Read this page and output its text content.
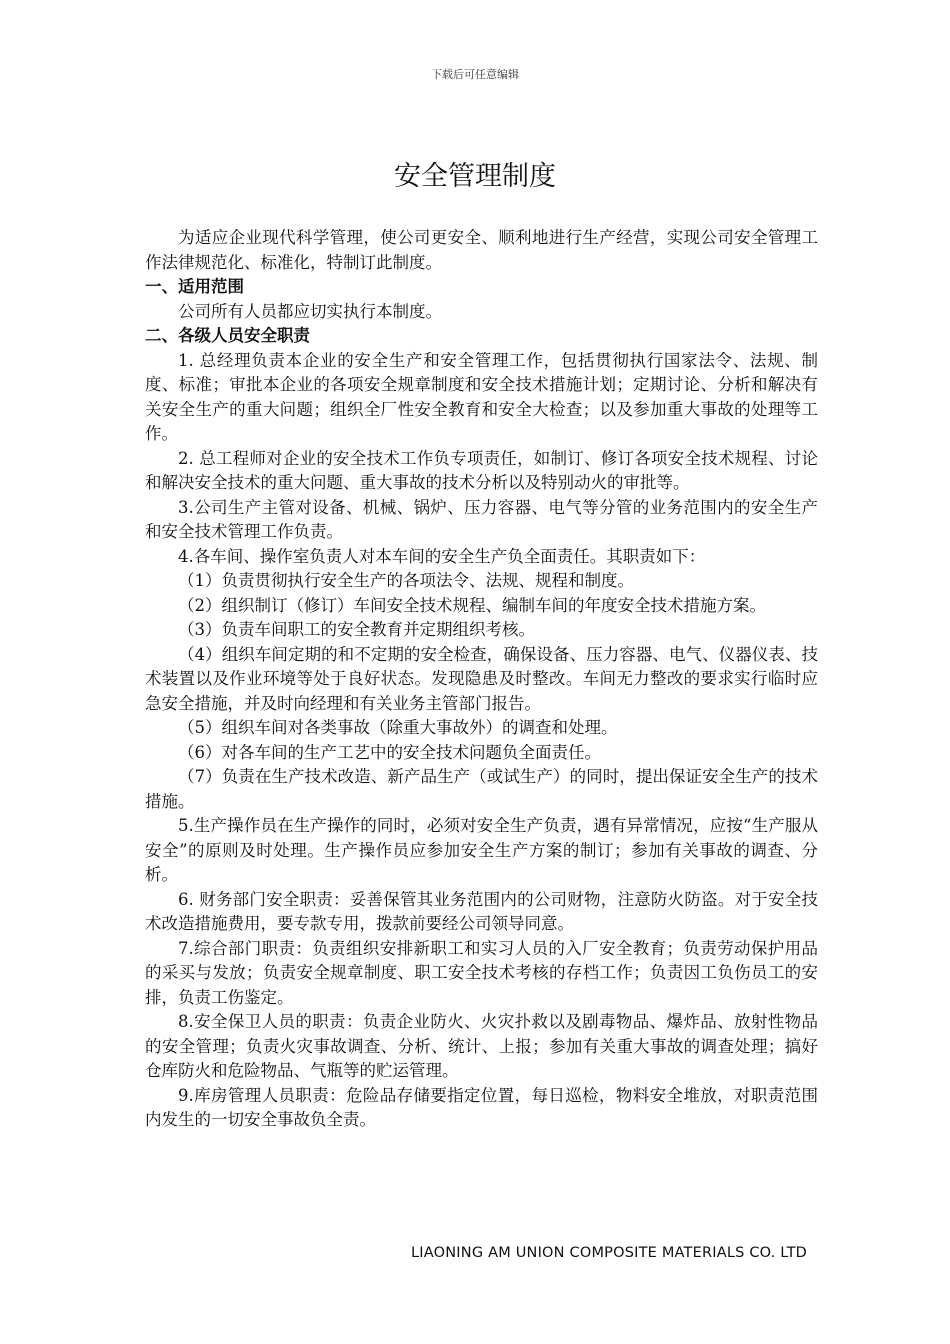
下载后可任意编辑
安全管理制度

为适应企业现代科学管理，使公司更安全、顺利地进行生产经营，实现公司安全管理工作法律规范化、标准化，特制订此制度。

一、适用范围

公司所有人员都应切实执行本制度。

二、各级人员安全职责

1. 总经理负责本企业的安全生产和安全管理工作，包括贯彻执行国家法令、法规、制度、标准；审批本企业的各项安全规章制度和安全技术措施计划；定期讨论、分析和解决有关安全生产的重大问题；组织全厂性安全教育和安全大检查；以及参加重大事故的处理等工作。

2. 总工程师对企业的安全技术工作负专项责任，如制订、修订各项安全技术规程、讨论和解决安全技术的重大问题、重大事故的技术分析以及特别动火的审批等。

3.公司生产主管对设备、机械、锅炉、压力容器、电气等分管的业务范围内的安全生产和安全技术管理工作负责。

4.各车间、操作室负责人对本车间的安全生产负全面责任。其职责如下：

（1）负责贯彻执行安全生产的各项法令、法规、规程和制度。

（2）组织制订（修订）车间安全技术规程、编制车间的年度安全技术措施方案。

（3）负责车间职工的安全教育并定期组织考核。

（4）组织车间定期的和不定期的安全检查，确保设备、压力容器、电气、仪器仪表、技术装置以及作业环境等处于良好状态。发现隐患及时整改。车间无力整改的要求实行临时应急安全措施，并及时向经理和有关业务主管部门报告。

（5）组织车间对各类事故（除重大事故外）的调查和处理。

（6）对各车间的生产工艺中的安全技术问题负全面责任。

（7）负责在生产技术改造、新产品生产（或试生产）的同时，提出保证安全生产的技术措施。

5.生产操作员在生产操作的同时，必须对安全生产负责，遇有异常情况，应按“生产服从安全”的原则及时处理。生产操作员应参加安全生产方案的制订；参加有关事故的调查、分析。

6. 财务部门安全职责：妥善保管其业务范围内的公司财物，注意防火防盗。对于安全技术改造措施费用，要专款专用，拨款前要经公司领导同意。

7.综合部门职责：负责组织安排新职工和实习人员的入厂安全教育；负责劳动保护用品的采买与发放；负责安全规章制度、职工安全技术考核的存档工作；负责因工负伤员工的安排，负责工伤鉴定。

8.安全保卫人员的职责：负责企业防火、火灾扑救以及剧毒物品、爆炸品、放射性物品的安全管理；负责火灾事故调查、分析、统计、上报；参加有关重大事故的调查处理；搞好仓库防火和危险物品、气瓶等的贮运管理。

9.库房管理人员职责：危险品存储要指定位置，每日巡检，物料安全堆放，对职责范围内发生的一切安全事故负全责。

LIAONING AM UNION COMPOSITE MATERIALS CO. LTD
